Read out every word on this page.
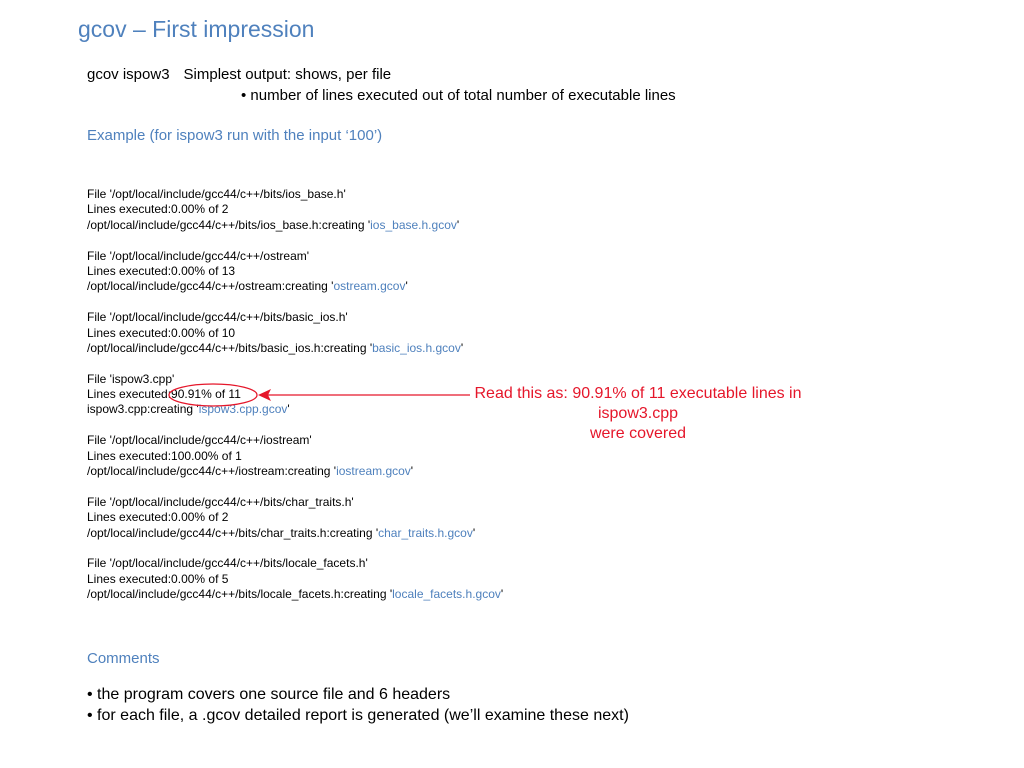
gcov – First impression
gcov ispow3 Simplest output: shows, per file
• number of lines executed out of total number of executable lines
Example (for ispow3 run with the input ‘100’)
File '/opt/local/include/gcc44/c++/bits/ios_base.h'
Lines executed:0.00% of 2
/opt/local/include/gcc44/c++/bits/ios_base.h:creating 'ios_base.h.gcov'
File '/opt/local/include/gcc44/c++/ostream'
Lines executed:0.00% of 13
/opt/local/include/gcc44/c++/ostream:creating 'ostream.gcov'
File '/opt/local/include/gcc44/c++/bits/basic_ios.h'
Lines executed:0.00% of 10
/opt/local/include/gcc44/c++/bits/basic_ios.h:creating 'basic_ios.h.gcov'
File 'ispow3.cpp'
Lines executed:90.91% of 11
ispow3.cpp:creating 'ispow3.cpp.gcov'
File '/opt/local/include/gcc44/c++/iostream'
Lines executed:100.00% of 1
/opt/local/include/gcc44/c++/iostream:creating 'iostream.gcov'
File '/opt/local/include/gcc44/c++/bits/char_traits.h'
Lines executed:0.00% of 2
/opt/local/include/gcc44/c++/bits/char_traits.h:creating 'char_traits.h.gcov'
File '/opt/local/include/gcc44/c++/bits/locale_facets.h'
Lines executed:0.00% of 5
/opt/local/include/gcc44/c++/bits/locale_facets.h:creating 'locale_facets.h.gcov'
Read this as: 90.91% of 11 executable lines in ispow3.cpp
were covered
Comments
• the program covers one source file and 6 headers
• for each file, a .gcov detailed report is generated (we’ll examine these next)
